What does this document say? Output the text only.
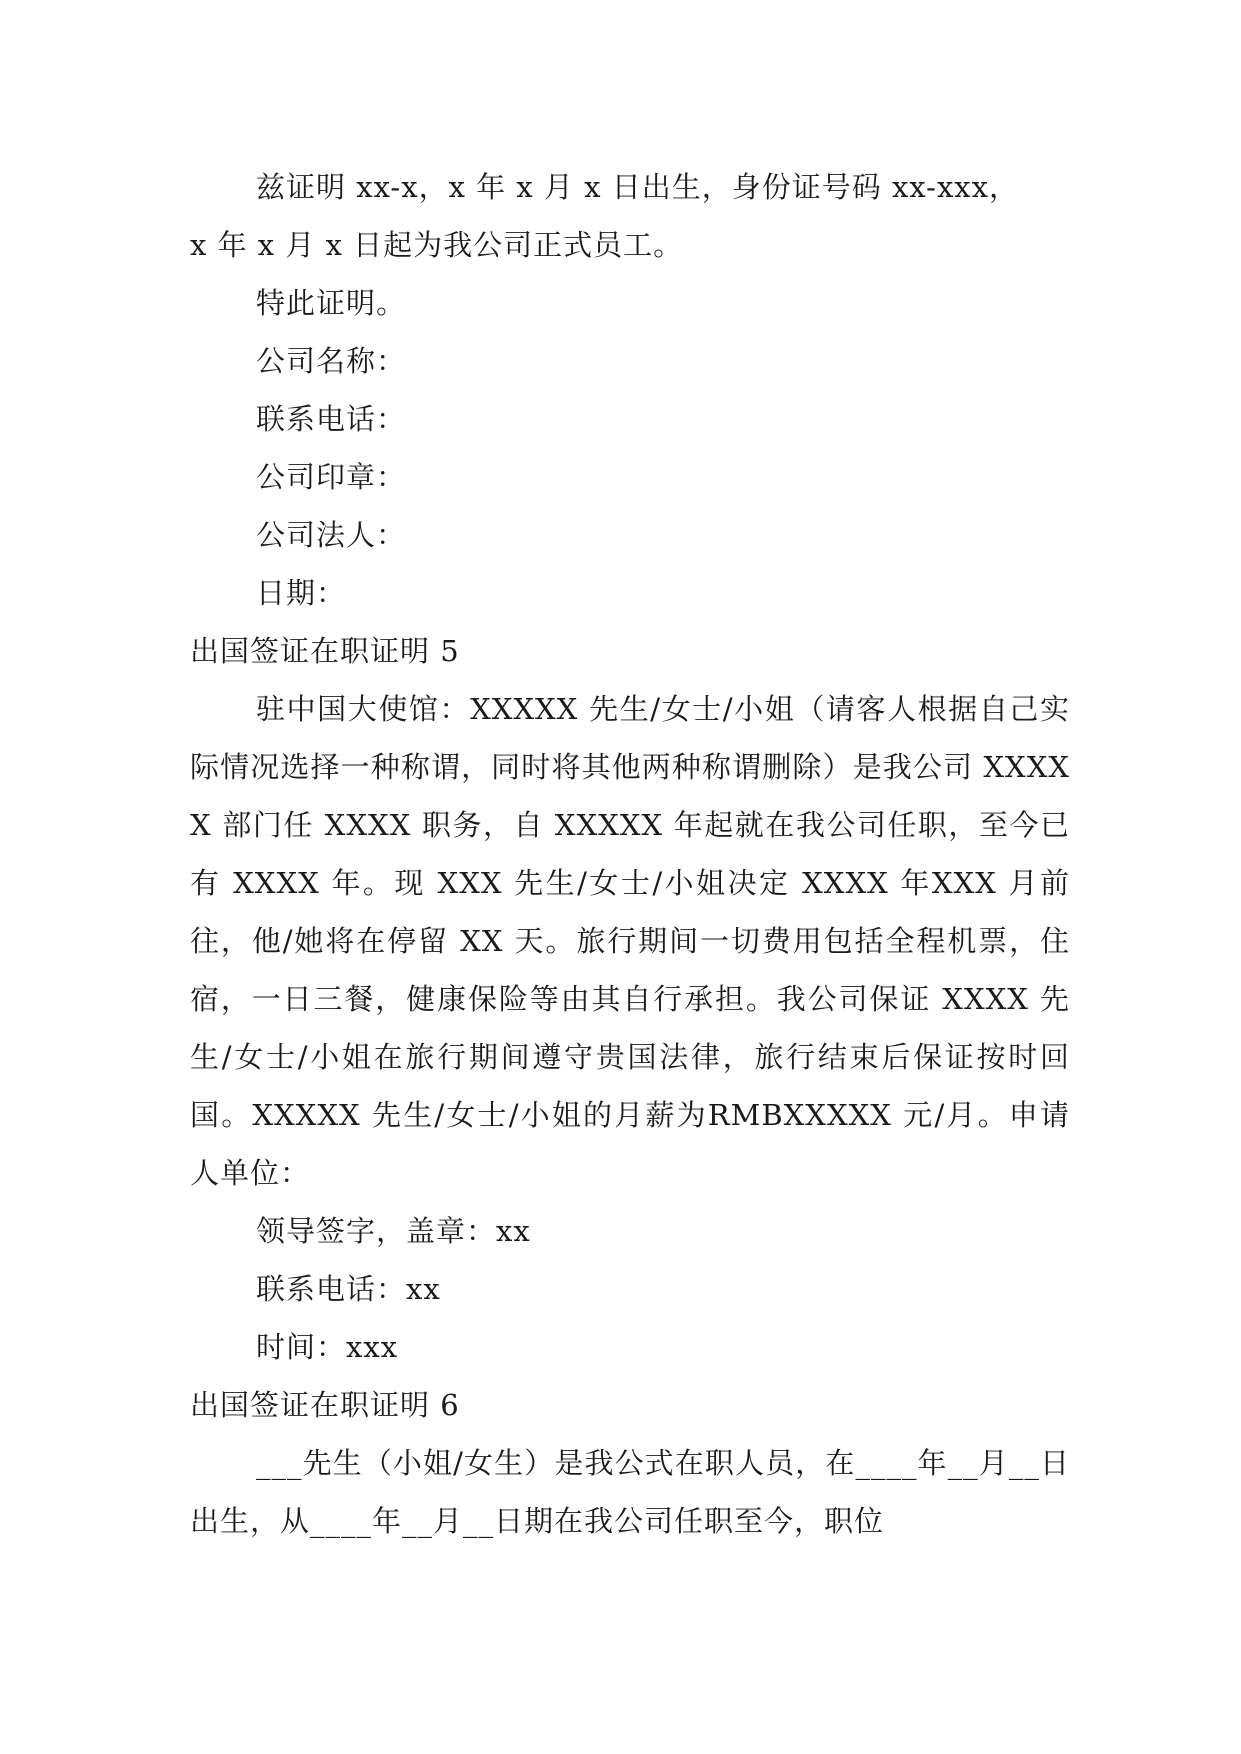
兹证明 xx-x，x 年 x 月 x 日出生，身份证号码 xx-xxx，
x 年 x 月 x 日起为我公司正式员工。
特此证明。
公司名称：
联系电话：
公司印章：
公司法人：
日期：
出国签证在职证明 5

驻中国大使馆：XXXXX 先生/女士/小姐（请客人根据自己实际情况选择一种称谓，同时将其他两种称谓删除）是我公司 XXXXX 部门任 XXXX 职务，自 XXXXX 年起就在我公司任职，至今已有 XXXX 年。现 XXX 先生/女士/小姐决定 XXXX 年XXX 月前往，他/她将在停留 XX 天。旅行期间一切费用包括全程机票，住宿，一日三餐，健康保险等由其自行承担。我公司保证 XXXX 先生/女士/小姐在旅行期间遵守贵国法律，旅行结束后保证按时回国。XXXXX 先生/女士/小姐的月薪为RMBXXXXX 元/月。申请人单位：

领导签字，盖章：xx
联系电话：xx
时间：xxx
出国签证在职证明 6

___先生（小姐/女生）是我公式在职人员，在____年__月__日出生，从____年__月__日期在我公司任职至今，职位
